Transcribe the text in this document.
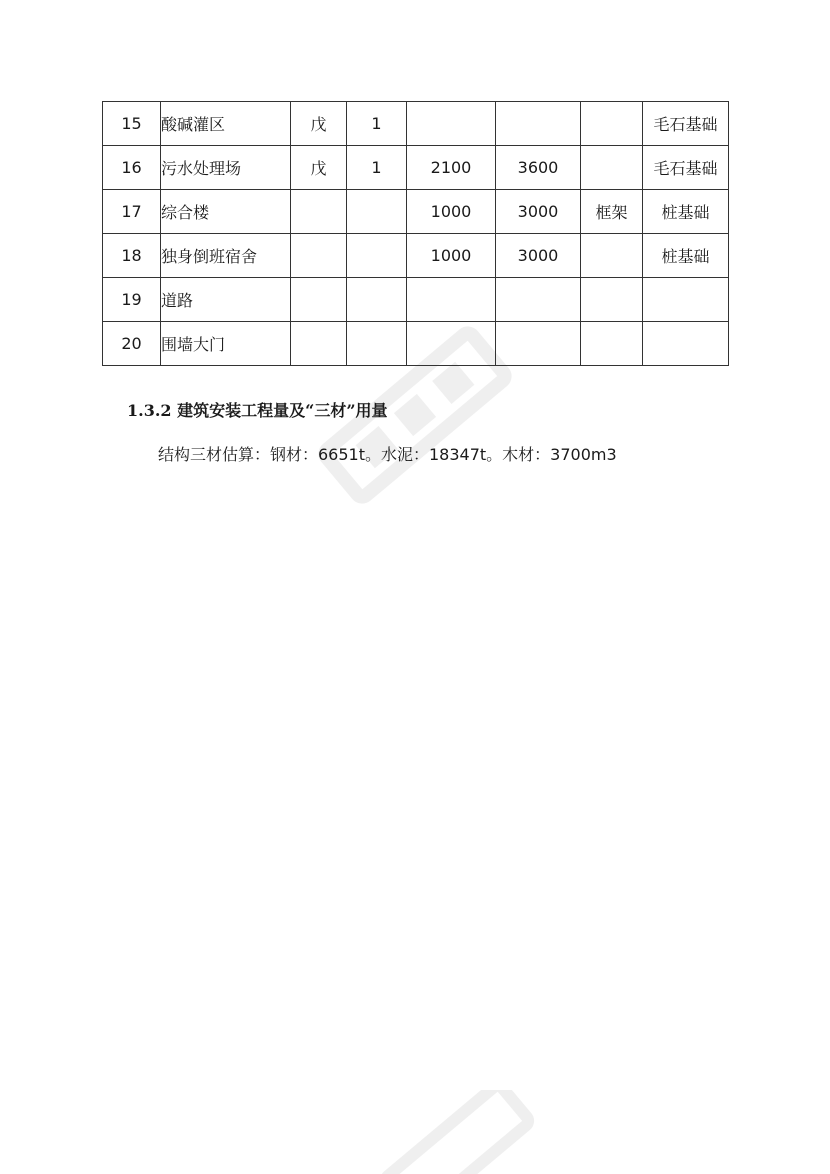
15	酸碱灌区	戊	1				毛石基础
16	污水处理场	戊	1	2100	3600		毛石基础
17	综合楼			1000	3000	框架	桩基础
18	独身倒班宿舍			1000	3000		桩基础
19	道路						
20	围墙大门						
1.3.2 建筑安装工程量及“三材”用量
结构三材估算：钢材：6651t。水泥：18347t。木材：3700m3
